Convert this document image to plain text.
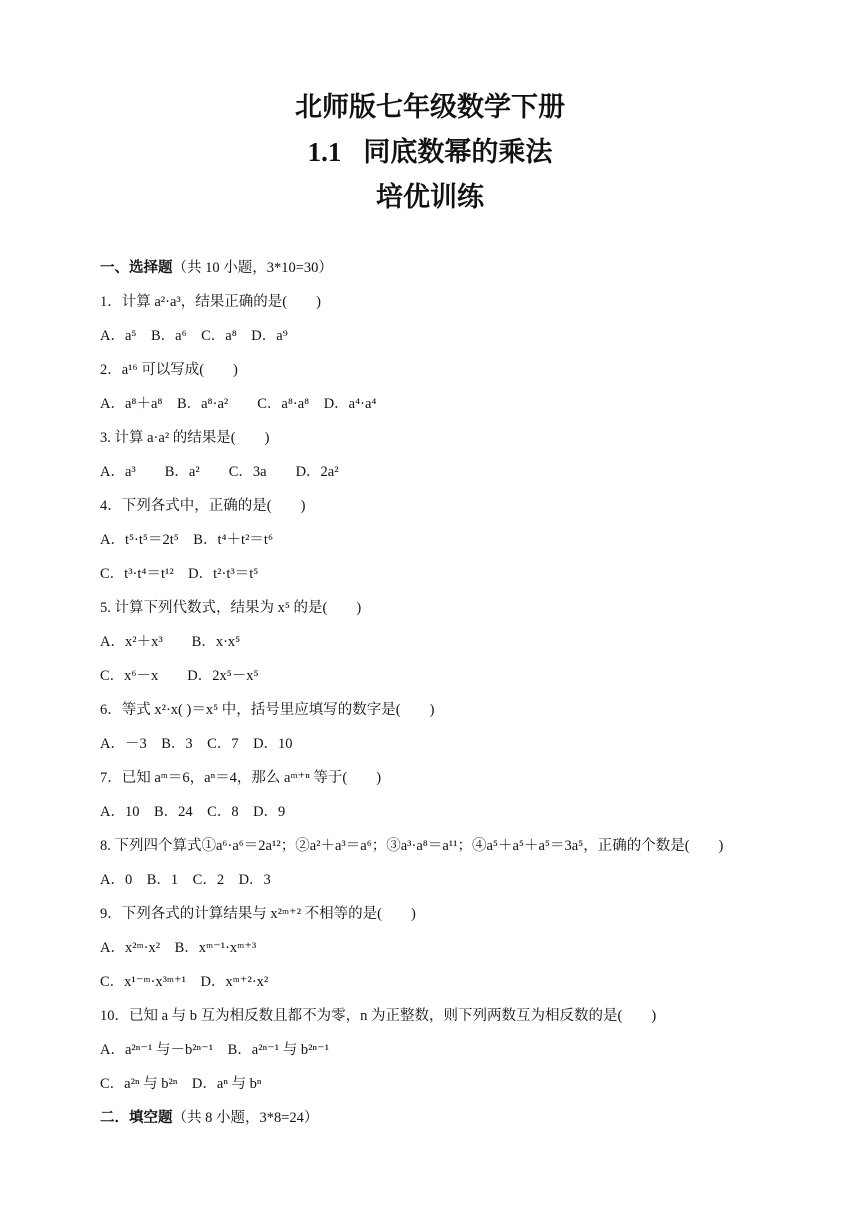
北师版七年级数学下册
1.1 同底数幂的乘法
培优训练
一、选择题（共 10 小题，3*10=30）
1．计算 a²·a³，结果正确的是(　　)
A．a⁵　B．a⁶　C．a⁸　D．a⁹
2．a¹⁶ 可以写成(　　)
A．a⁸＋a⁸　B．a⁸·a²　　C．a⁸·a⁸　D．a⁴·a⁴
3. 计算 a·a² 的结果是(　　)
A．a³　　B．a²　　C．3a　　D．2a²
4．下列各式中，正确的是(　　)
A．t⁵·t⁵＝2t⁵　B．t⁴＋t²＝t⁶
C．t³·t⁴＝t¹²　D．t²·t³＝t⁵
5. 计算下列代数式，结果为 x⁵ 的是(　　)
A．x²＋x³　　B．x·x⁵
C．x⁶－x　　D．2x⁵－x⁵
6．等式 x²·x( )＝x⁵ 中，括号里应填写的数字是(　　)
A．－3　B．3　C．7　D．10
7．已知 aᵐ＝6，aⁿ＝4，那么 aᵐ⁺ⁿ 等于(　　)
A．10　B．24　C．8　D．9
8. 下列四个算式①a⁶·a⁶＝2a¹²；②a²＋a³＝a⁶；③a³·a⁸＝a¹¹；④a⁵＋a⁵＋a⁵＝3a⁵，正确的个数是(　　)
A．0　B．1　C．2　D．3
9．下列各式的计算结果与 x²ᵐ⁺² 不相等的是(　　)
A．x²ᵐ·x²　B．xᵐ⁻¹·xᵐ⁺³
C．x¹⁻ᵐ·x³ᵐ⁺¹　D．xᵐ⁺²·x²
10．已知 a 与 b 互为相反数且都不为零，n 为正整数，则下列两数互为相反数的是(　　)
A．a²ⁿ⁻¹ 与－b²ⁿ⁻¹　B．a²ⁿ⁻¹ 与 b²ⁿ⁻¹
C．a²ⁿ 与 b²ⁿ　D．aⁿ 与 bⁿ
二．填空题（共 8 小题，3*8=24）
